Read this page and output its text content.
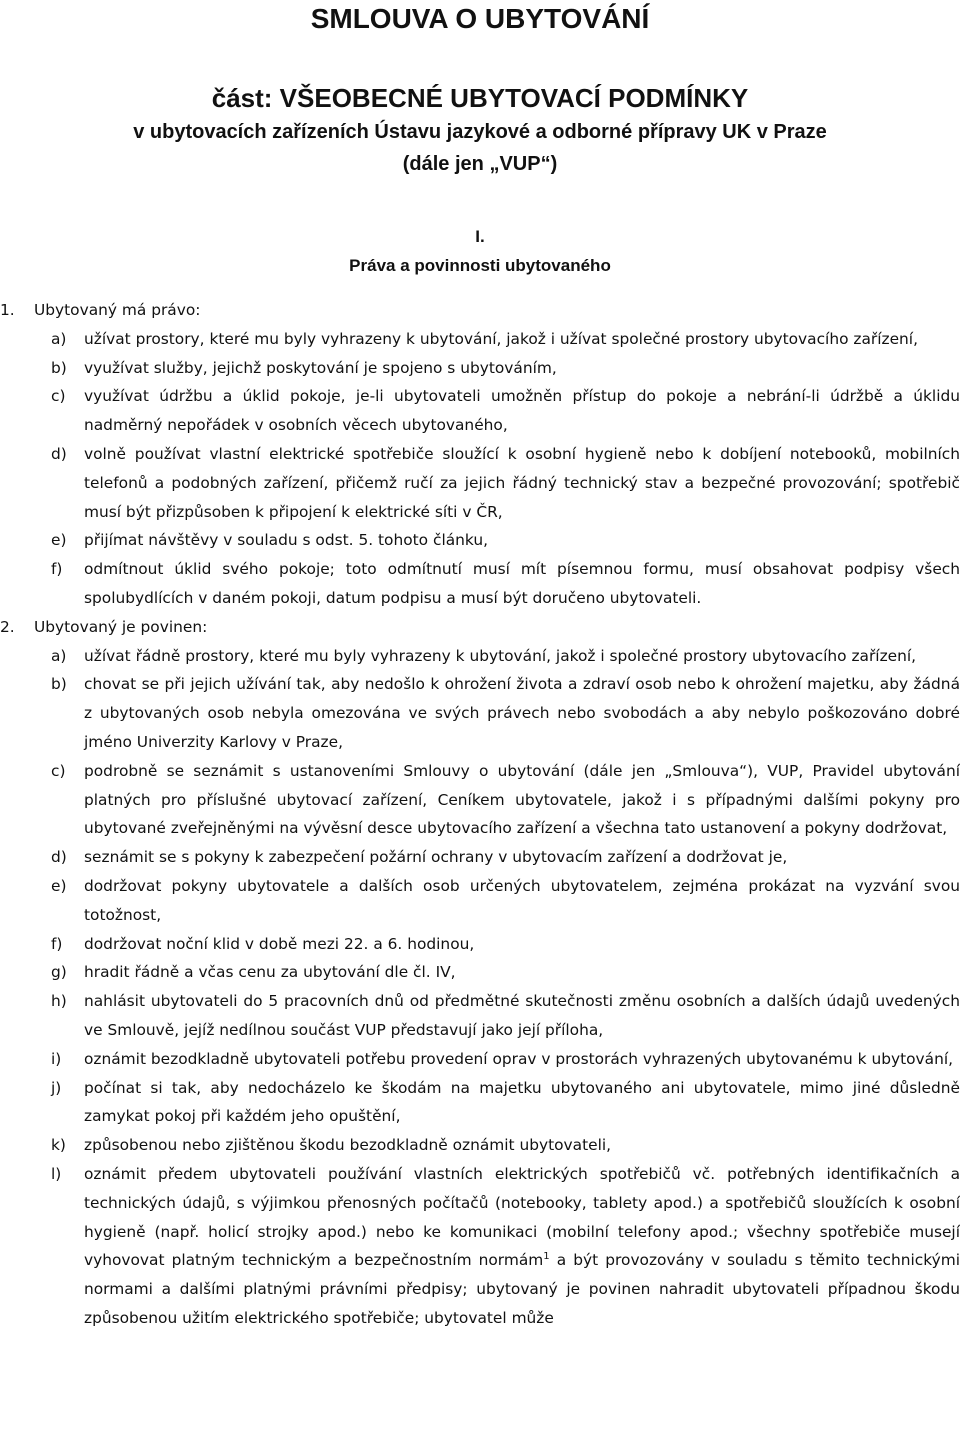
SMLOUVA O UBYTOVÁNÍ
část: VŠEOBECNÉ UBYTOVACÍ PODMÍNKY
v ubytovacích zařízeních Ústavu jazykové a odborné přípravy UK v Praze
(dále jen „VUP“)
I.
Práva a povinnosti ubytovaného
1. Ubytovaný má právo:
a) užívat prostory, které mu byly vyhrazeny k ubytování, jakož i užívat společné prostory ubytovacího zařízení,
b) využívat služby, jejichž poskytování je spojeno s ubytováním,
c) využívat údržbu a úklid pokoje, je-li ubytovateli umožněn přístup do pokoje a nebrání-li údržbě a úklidu nadměrný nepořádek v osobních věcech ubytovaného,
d) volně používat vlastní elektrické spotřebiče sloužící k osobní hygieně nebo k dobíjení notebooků, mobilních telefonů a podobných zařízení, přičemž ručí za jejich řádný technický stav a bezpečné provozování; spotřebič musí být přizpůsoben k připojení k elektrické síti v ČR,
e) přijímat návštěvy v souladu s odst. 5. tohoto článku,
f) odmítnout úklid svého pokoje; toto odmítnutí musí mít písemnou formu, musí obsahovat podpisy všech spolubydlících v daném pokoji, datum podpisu a musí být doručeno ubytovateli.
2. Ubytovaný je povinen:
a) užívat řádně prostory, které mu byly vyhrazeny k ubytování, jakož i společné prostory ubytovacího zařízení,
b) chovat se při jejich užívání tak, aby nedošlo k ohrožení života a zdraví osob nebo k ohrožení majetku, aby žádná z ubytovaných osob nebyla omezována ve svých právech nebo svobodách a aby nebylo poškozováno dobré jméno Univerzity Karlovy v Praze,
c) podrobně se seznámit s ustanoveními Smlouvy o ubytování (dále jen „Smlouva“), VUP, Pravidel ubytování platných pro příslušné ubytovací zařízení, Ceníkem ubytovatele, jakož i s případnými dalšími pokyny pro ubytované zveřejněnými na vývěsní desce ubytovacího zařízení a všechna tato ustanovení a pokyny dodržovat,
d) seznámit se s pokyny k zabezpečení požární ochrany v ubytovacím zařízení a dodržovat je,
e) dodržovat pokyny ubytovatele a dalších osob určených ubytovatelem, zejména prokázat na vyzvání svou totožnost,
f) dodržovat noční klid v době mezi 22. a 6. hodinou,
g) hradit řádně a včas cenu za ubytování dle čl. IV,
h) nahlásit ubytovateli do 5 pracovních dnů od předmětné skutečnosti změnu osobních a dalších údajů uvedených ve Smlouvě, jejíž nedílnou součást VUP představují jako její příloha,
i) oznámit bezodkladně ubytovateli potřebu provedení oprav v prostorách vyhrazených ubytovanému k ubytování,
j) počínat si tak, aby nedocházelo ke škodám na majetku ubytovaného ani ubytovatele, mimo jiné důsledně zamykat pokoj při každém jeho opuštění,
k) způsobenou nebo zjištěnou škodu bezodkladně oznámit ubytovateli,
l) oznámit předem ubytovateli používání vlastních elektrických spotřebičů vč. potřebných identifikačních a technických údajů, s výjimkou přenosných počítačů (notebooky, tablety apod.) a spotřebičů sloužících k osobní hygieně (např. holicí strojky apod.) nebo ke komunikaci (mobilní telefony apod.; všechny spotřebiče musejí vyhovovat platným technickým a bezpečnostním normám$^1$ a být provozovány v souladu s těmito technickými normami a dalšími platnými právními předpisy; ubytovaný je povinen nahradit ubytovateli případnou škodu způsobenou užitím elektrického spotřebiče; ubytovatel může
